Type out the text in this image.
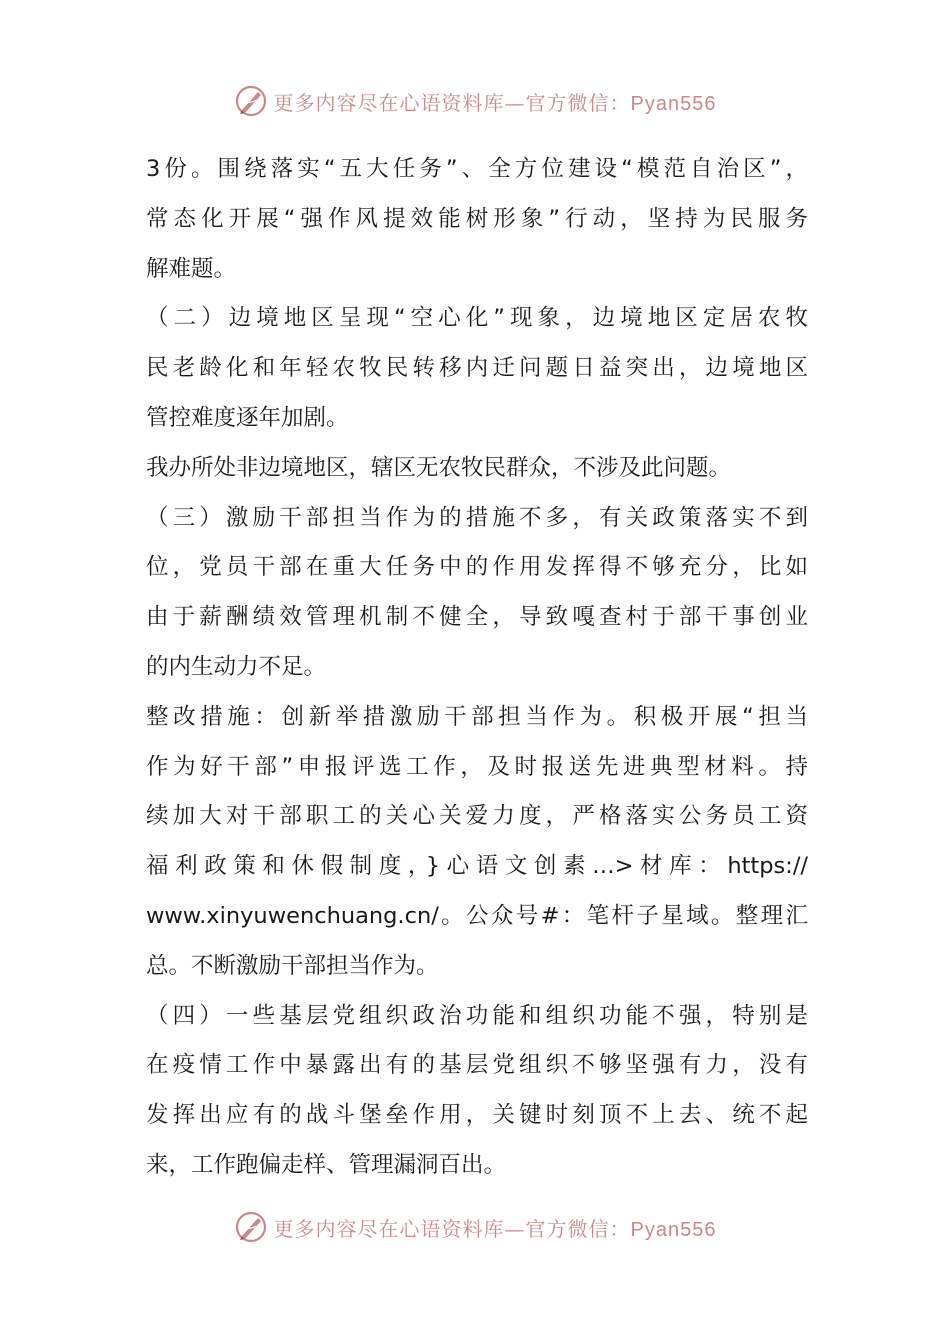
更多内容尽在心语资料库—官方微信：Pyan556
3份。围绕落实“五大任务”、全方位建设“模范自治区”，
常态化开展“强作风提效能树形象”行动，坚持为民服务
解难题。
（二）边境地区呈现“空心化”现象，边境地区定居农牧
民老龄化和年轻农牧民转移内迁问题日益突出，边境地区
管控难度逐年加剧。
我办所处非边境地区，辖区无农牧民群众，不涉及此问题。
（三）激励干部担当作为的措施不多，有关政策落实不到
位，党员干部在重大任务中的作用发挥得不够充分，比如
由于薪酬绩效管理机制不健全，导致嘎查村于部干事创业
的内生动力不足。
整改措施：创新举措激励干部担当作为。积极开展“担当
作为好干部”申报评选工作，及时报送先进典型材料。持
续加大对干部职工的关心关爱力度，严格落实公务员工资
福利政策和休假制度，}心语文创素…>材库：https://
www.xinyuwenchuang.cn/。公众号#：笔杆子星域。整理汇
总。不断激励干部担当作为。
（四）一些基层党组织政治功能和组织功能不强，特别是
在疫情工作中暴露出有的基层党组织不够坚强有力，没有
发挥出应有的战斗堡垒作用，关键时刻顶不上去、统不起
来，工作跑偏走样、管理漏洞百出。
更多内容尽在心语资料库—官方微信：Pyan556
